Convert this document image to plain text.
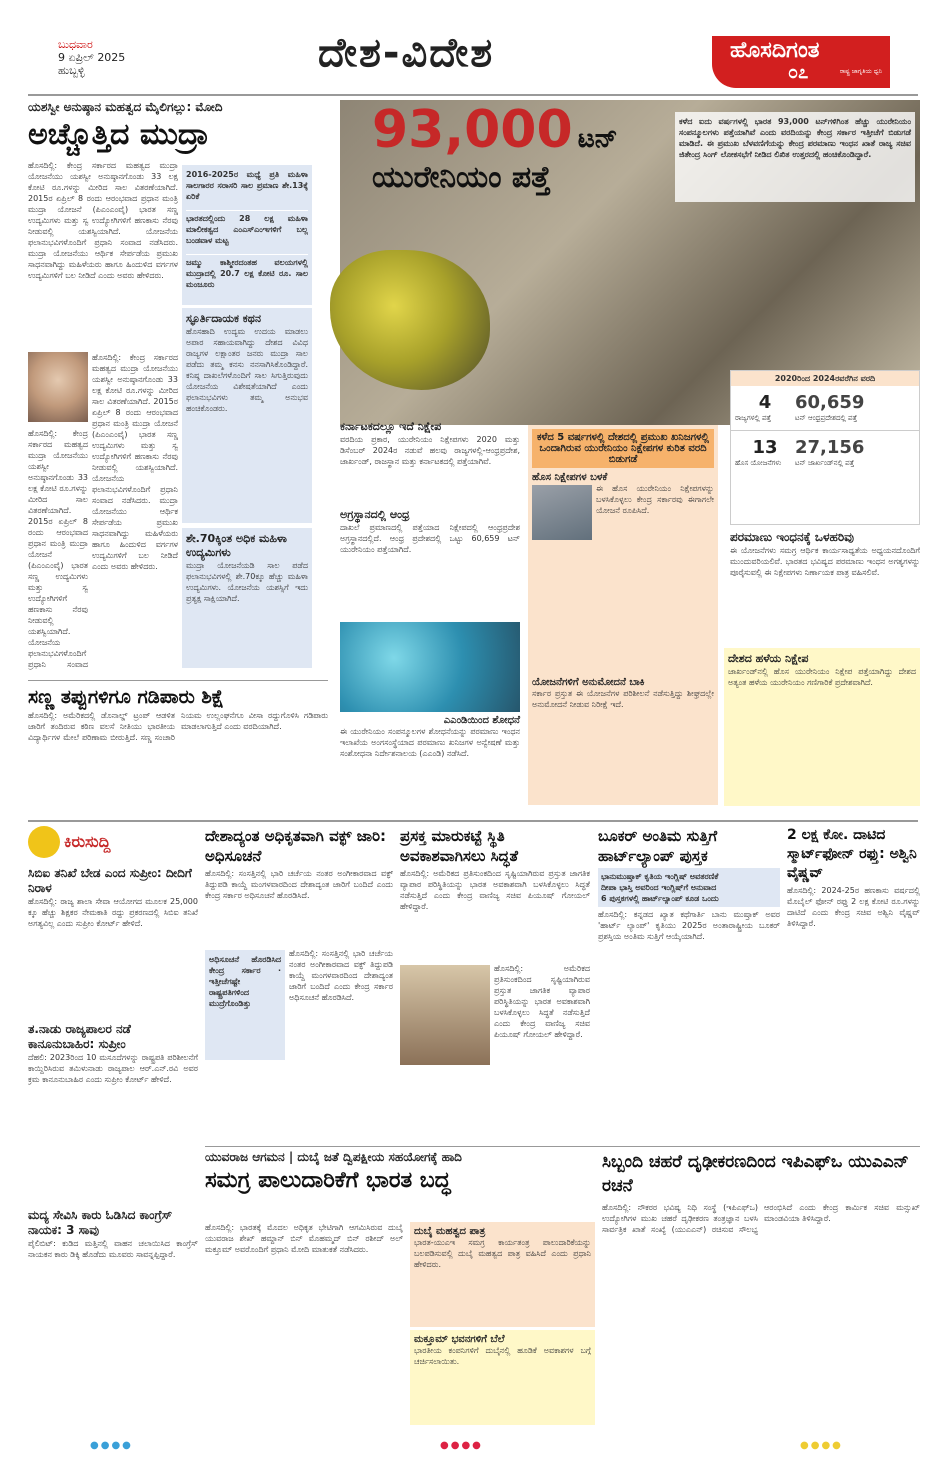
ಬುಧವಾರ
9 ಏಪ್ರಿಲ್ 2025
ಹುಬ್ಬಳ್ಳಿ	ದೇಶ-ವಿದೇಶ	ಹೊಸದಿಗಂತ
೦೭	ರಾಷ್ಟ್ರ ಜಾಗೃತಿಯ ಧ್ವನಿ
ಯಶಸ್ವೀ ಅನುಷ್ಠಾನ ಮಹತ್ವದ ಮೈಲಿಗಲ್ಲು: ಮೋದಿ
ಅಚ್ಚೊತ್ತಿದ ಮುದ್ರಾ
ಹೊಸದಿಲ್ಲಿ: ಕೇಂದ್ರ ಸರ್ಕಾರದ ಮಹತ್ವದ ಮುದ್ರಾ ಯೋಜನೆಯು ಯಶಸ್ವೀ ಅನುಷ್ಠಾನಗೊಂಡು 33 ಲಕ್ಷ ಕೋಟಿ ರೂ.ಗಳನ್ನು ಮೀರಿದ ಸಾಲ ವಿತರಣೆಯಾಗಿದೆ. 2015ರ ಏಪ್ರಿಲ್ 8 ರಂದು ಆರಂಭವಾದ ಪ್ರಧಾನ ಮಂತ್ರಿ ಮುದ್ರಾ ಯೋಜನೆ (ಪಿಎಂಎಂವೈ) ಭಾರತ ಸಣ್ಣ ಉದ್ಯಮಿಗಳು ಮತ್ತು ಸ್ವ ಉದ್ಯೋಗಿಗಳಿಗೆ ಹಣಕಾಸು ನೆರವು ನೀಡುವಲ್ಲಿ ಯಶಸ್ವಿಯಾಗಿದೆ. ಯೋಜನೆಯ ಫಲಾನುಭವಿಗಳೊಂದಿಗೆ ಪ್ರಧಾನಿ ಸಂವಾದ ನಡೆಸಿದರು. ಮುದ್ರಾ ಯೋಜನೆಯು ಆರ್ಥಿಕ ಸೇರ್ಪಡೆಯ ಪ್ರಮುಖ ಸಾಧನವಾಗಿದ್ದು ಮಹಿಳೆಯರು ಹಾಗೂ ಹಿಂದುಳಿದ ವರ್ಗಗಳ ಉದ್ಯಮಿಗಳಿಗೆ ಬಲ ನೀಡಿದೆ ಎಂದು ಅವರು ಹೇಳಿದರು.
ಹೊಸದಿಲ್ಲಿ: ಕೇಂದ್ರ ಸರ್ಕಾರದ ಮಹತ್ವದ ಮುದ್ರಾ ಯೋಜನೆಯು ಯಶಸ್ವೀ ಅನುಷ್ಠಾನಗೊಂಡು 33 ಲಕ್ಷ ಕೋಟಿ ರೂ.ಗಳನ್ನು ಮೀರಿದ ಸಾಲ ವಿತರಣೆಯಾಗಿದೆ. 2015ರ ಏಪ್ರಿಲ್ 8 ರಂದು ಆರಂಭವಾದ ಪ್ರಧಾನ ಮಂತ್ರಿ ಮುದ್ರಾ ಯೋಜನೆ (ಪಿಎಂಎಂವೈ) ಭಾರತ ಸಣ್ಣ ಉದ್ಯಮಿಗಳು ಮತ್ತು ಸ್ವ ಉದ್ಯೋಗಿಗಳಿಗೆ ಹಣಕಾಸು ನೆರವು ನೀಡುವಲ್ಲಿ ಯಶಸ್ವಿಯಾಗಿದೆ. ಯೋಜನೆಯ ಫಲಾನುಭವಿಗಳೊಂದಿಗೆ ಪ್ರಧಾನಿ ಸಂವಾದ ನಡೆಸಿದರು. ಮುದ್ರಾ ಯೋಜನೆಯು ಆರ್ಥಿಕ ಸೇರ್ಪಡೆಯ ಪ್ರಮುಖ ಸಾಧನವಾಗಿದ್ದು ಮಹಿಳೆಯರು ಹಾಗೂ ಹಿಂದುಳಿದ ವರ್ಗಗಳ ಉದ್ಯಮಿಗಳಿಗೆ ಬಲ ನೀಡಿದೆ ಎಂದು ಅವರು ಹೇಳಿದರು.
ಹೊಸದಿಲ್ಲಿ: ಕೇಂದ್ರ ಸರ್ಕಾರದ ಮಹತ್ವದ ಮುದ್ರಾ ಯೋಜನೆಯು ಯಶಸ್ವೀ ಅನುಷ್ಠಾನಗೊಂಡು 33 ಲಕ್ಷ ಕೋಟಿ ರೂ.ಗಳನ್ನು ಮೀರಿದ ಸಾಲ ವಿತರಣೆಯಾಗಿದೆ. 2015ರ ಏಪ್ರಿಲ್ 8 ರಂದು ಆರಂಭವಾದ ಪ್ರಧಾನ ಮಂತ್ರಿ ಮುದ್ರಾ ಯೋಜನೆ (ಪಿಎಂಎಂವೈ) ಭಾರತ ಸಣ್ಣ ಉದ್ಯಮಿಗಳು ಮತ್ತು ಸ್ವ ಉದ್ಯೋಗಿಗಳಿಗೆ ಹಣಕಾಸು ನೆರವು ನೀಡುವಲ್ಲಿ ಯಶಸ್ವಿಯಾಗಿದೆ. ಯೋಜನೆಯ ಫಲಾನುಭವಿಗಳೊಂದಿಗೆ ಪ್ರಧಾನಿ ಸಂವಾದ
2016-2025ರ ಮಧ್ಯೆ ಪ್ರತಿ ಮಹಿಳಾ ಸಾಲಗಾರರ ಸರಾಸರಿ ಸಾಲ ಪ್ರಮಾಣ ಶೇ.13ಕ್ಕೆ ಏರಿಕೆ
ಭಾರತದಲ್ಲಿಂದು 28 ಲಕ್ಷ ಮಹಿಳಾ ಮಾಲೀಕತ್ವದ ಎಂಎಸ್ಎಂಇಗಳಿಗೆ ಬಲ್ಲ ಬಂಡವಾಳ ಮಟ್ಟ
ಜಮ್ಮು ಕಾಶ್ಮೀರದಂತಹ ವಲಯಗಳಲ್ಲಿ ಮುದ್ರಾದಲ್ಲಿ 20.7 ಲಕ್ಷ ಕೋಟಿ ರೂ. ಸಾಲ ಮಂಜೂರು
ಸ್ಫೂರ್ತಿದಾಯಕ ಕಥನ
ಹೊಸಹಾದಿ ಉದ್ಯಮ ಉದಯ ಮಾಡಲು ಅಪಾರ ಸಹಾಯವಾಗಿದ್ದು ದೇಶದ ವಿವಿಧ ರಾಜ್ಯಗಳ ಲಕ್ಷಾಂತರ ಜನರು ಮುದ್ರಾ ಸಾಲ ಪಡೆದು ತಮ್ಮ ಕನಸು ನನಸಾಗಿಸಿಕೊಂಡಿದ್ದಾರೆ. ಕನಿಷ್ಠ ದಾಖಲೆಗಳೊಂದಿಗೆ ಸಾಲ ಸಿಗುತ್ತಿರುವುದು ಯೋಜನೆಯ ವಿಶೇಷತೆಯಾಗಿದೆ ಎಂದು ಫಲಾನುಭವಿಗಳು ತಮ್ಮ ಅನುಭವ ಹಂಚಿಕೊಂಡರು.
ಶೇ.70ಕ್ಕಿಂತ ಅಧಿಕ ಮಹಿಳಾ ಉದ್ಯಮಿಗಳು
ಮುದ್ರಾ ಯೋಜನೆಯಡಿ ಸಾಲ ಪಡೆದ ಫಲಾನುಭವಿಗಳಲ್ಲಿ ಶೇ.70ಕ್ಕೂ ಹೆಚ್ಚು ಮಹಿಳಾ ಉದ್ಯಮಿಗಳು. ಯೋಜನೆಯ ಯಶಸ್ಸಿಗೆ ಇದು ಪ್ರತ್ಯಕ್ಷ ಸಾಕ್ಷಿಯಾಗಿದೆ.
93,000 ಟನ್
ಯುರೇನಿಯಂ ಪತ್ತೆ
ಕಳೆದ ಐದು ವರ್ಷಗಳಲ್ಲಿ ಭಾರತ 93,000 ಟನ್‌ಗಳಿಗಿಂತ ಹೆಚ್ಚು ಯುರೇನಿಯಂ ಸಂಪನ್ಮೂಲಗಳು ಪತ್ತೆಯಾಗಿವೆ ಎಂದು ವರದಿಯನ್ನು ಕೇಂದ್ರ ಸರ್ಕಾರ ಇತ್ತೀಚೆಗೆ ಬಿಡುಗಡೆ ಮಾಡಿದೆ. ಈ ಪ್ರಮುಖ ಬೆಳವಣಿಗೆಯನ್ನು ಕೇಂದ್ರ ಪರಮಾಣು ಇಂಧನ ಖಾತೆ ರಾಜ್ಯ ಸಚಿವ ಜಿತೇಂದ್ರ ಸಿಂಗ್ ಲೋಕಸಭೆಗೆ ನೀಡಿದ ಲಿಖಿತ ಉತ್ತರದಲ್ಲಿ ಹಂಚಿಕೊಂಡಿದ್ದಾರೆ.
ಕರ್ನಾಟಕದಲ್ಲೂ ಇದೆ ನಿಕ್ಷೇಪ
ವರದಿಯ ಪ್ರಕಾರ, ಯುರೇನಿಯಂ ನಿಕ್ಷೇಪಗಳು 2020 ಮತ್ತು ಡಿಸೆಂಬರ್ 2024ರ ನಡುವೆ ಹಲವು ರಾಜ್ಯಗಳಲ್ಲಿ-ಆಂಧ್ರಪ್ರದೇಶ, ಜಾರ್ಖಂಡ್, ರಾಜಸ್ಥಾನ ಮತ್ತು ಕರ್ನಾಟಕದಲ್ಲಿ ಪತ್ತೆಯಾಗಿವೆ.
ಅಗ್ರಸ್ಥಾನದಲ್ಲಿ ಆಂಧ್ರ
ದಾಖಲೆ ಪ್ರಮಾಣದಲ್ಲಿ ಪತ್ತೆಯಾದ ನಿಕ್ಷೇಪದಲ್ಲಿ ಆಂಧ್ರಪ್ರದೇಶ ಅಗ್ರಸ್ಥಾನದಲ್ಲಿದೆ. ಆಂಧ್ರ ಪ್ರದೇಶದಲ್ಲಿ ಒಟ್ಟು 60,659 ಟನ್ ಯುರೇನಿಯಂ ಪತ್ತೆಯಾಗಿದೆ.
ಎಎಂಡಿಯಿಂದ ಶೋಧನೆ
ಈ ಯುರೇನಿಯಂ ಸಂಪನ್ಮೂಲಗಳ ಶೋಧನೆಯನ್ನು ಪರಮಾಣು ಇಂಧನ ಇಲಾಖೆಯ ಅಂಗಸಂಸ್ಥೆಯಾದ ಪರಮಾಣು ಖನಿಜಗಳ ಅನ್ವೇಷಣೆ ಮತ್ತು ಸಂಶೋಧನಾ ನಿರ್ದೇಶನಾಲಯ (ಎಎಂಡಿ) ನಡೆಸಿದೆ.
ಕಳೆದ 5 ವರ್ಷಗಳಲ್ಲಿ ದೇಶದಲ್ಲಿ ಪ್ರಮುಖ ಖನಿಜಗಳಲ್ಲಿ ಒಂದಾಗಿರುವ ಯುರೇನಿಯಂ ನಿಕ್ಷೇಪಗಳ ಕುರಿತ ವರದಿ ಬಿಡುಗಡೆ
ಹೊಸ ನಿಕ್ಷೇಪಗಳ ಬಳಕೆ
ಈ ಹೊಸ ಯುರೇನಿಯಂ ನಿಕ್ಷೇಪಗಳನ್ನು ಬಳಸಿಕೊಳ್ಳಲು ಕೇಂದ್ರ ಸರ್ಕಾರವು ಈಗಾಗಲೇ ಯೋಜನೆ ರೂಪಿಸಿದೆ.
ಯೋಜನೆಗಳಿಗೆ ಅನುಮೋದನೆ ಬಾಕಿ
ಸರ್ಕಾರ ಪ್ರಸ್ತುತ ಈ ಯೋಜನೆಗಳ ಪರಿಶೀಲನೆ ನಡೆಸುತ್ತಿದ್ದು ಶೀಘ್ರದಲ್ಲೇ ಅನುಮೋದನೆ ನೀಡುವ ನಿರೀಕ್ಷೆ ಇದೆ.
2020ರಿಂದ 2024ರವರೆಗಿನ ವರದಿ
4
ರಾಜ್ಯಗಳಲ್ಲಿ ಪತ್ತೆ
60,659
ಟನ್ ಆಂಧ್ರಪ್ರದೇಶದಲ್ಲಿ ಪತ್ತೆ
13
ಹೊಸ ಯೋಜನೆಗಳು
27,156
ಟನ್ ಜಾರ್ಖಂಡ್‌ನಲ್ಲಿ ಪತ್ತೆ
ಪರಮಾಣು ಇಂಧನಕ್ಕೆ ಒಳಹರಿವು
ಈ ಯೋಜನೆಗಳು ಸಮಗ್ರ ಆರ್ಥಿಕ ಕಾರ್ಯಸಾಧ್ಯತೆಯ ಅಧ್ಯಯನದೊಂದಿಗೆ ಮುಂದುವರಿಯಲಿವೆ. ಭಾರತದ ಭವಿಷ್ಯದ ಪರಮಾಣು ಇಂಧನ ಅಗತ್ಯಗಳನ್ನು ಪೂರೈಸುವಲ್ಲಿ ಈ ನಿಕ್ಷೇಪಗಳು ನಿರ್ಣಾಯಕ ಪಾತ್ರ ವಹಿಸಲಿವೆ.
ದೇಶದ ಹಳೆಯ ನಿಕ್ಷೇಪ
ಜಾರ್ಖಂಡ್‌ನಲ್ಲಿ ಹೊಸ ಯುರೇನಿಯಂ ನಿಕ್ಷೇಪ ಪತ್ತೆಯಾಗಿದ್ದು ದೇಶದ ಅತ್ಯಂತ ಹಳೆಯ ಯುರೇನಿಯಂ ಗಣಿಗಾರಿಕೆ ಪ್ರದೇಶವಾಗಿದೆ.
ಸಣ್ಣ ತಪ್ಪುಗಳಿಗೂ ಗಡಿಪಾರು ಶಿಕ್ಷೆ
ಹೊಸದಿಲ್ಲಿ: ಅಮೆರಿಕದಲ್ಲಿ ಡೊನಾಲ್ಡ್ ಟ್ರಂಪ್ ಆಡಳಿತ ಜಾರಿಗೆ ತಂದಿರುವ ಕಠಿಣ ವಲಸೆ ನೀತಿಯು ಭಾರತೀಯ ವಿದ್ಯಾರ್ಥಿಗಳ ಮೇಲೆ ಪರಿಣಾಮ ಬೀರುತ್ತಿದೆ. ಸಣ್ಣ ಸಂಚಾರಿ ನಿಯಮ ಉಲ್ಲಂಘನೆಗೂ ವೀಸಾ ರದ್ದುಗೊಳಿಸಿ ಗಡಿಪಾರು ಮಾಡಲಾಗುತ್ತಿದೆ ಎಂದು ವರದಿಯಾಗಿದೆ.
ಕಿರುಸುದ್ದಿ
ಸಿಬಿಐ ತನಿಖೆ ಬೇಡ ಎಂದ ಸುಪ್ರೀಂ: ದೀದಿಗೆ ನಿರಾಳ
ಹೊಸದಿಲ್ಲಿ: ರಾಜ್ಯ ಶಾಲಾ ಸೇವಾ ಆಯೋಗದ ಮೂಲಕ 25,000 ಕ್ಕೂ ಹೆಚ್ಚು ಶಿಕ್ಷಕರ ನೇಮಕಾತಿ ರದ್ದು ಪ್ರಕರಣದಲ್ಲಿ ಸಿಬಿಐ ತನಿಖೆ ಅಗತ್ಯವಿಲ್ಲ ಎಂದು ಸುಪ್ರೀಂ ಕೋರ್ಟ್ ಹೇಳಿದೆ.
ತ.ನಾಡು ರಾಜ್ಯಪಾಲರ ನಡೆ ಕಾನೂನುಬಾಹಿರ: ಸುಪ್ರೀಂ
ದೆಹಲಿ: 2023ರಿಂದ 10 ಮಸೂದೆಗಳನ್ನು ರಾಷ್ಟ್ರಪತಿ ಪರಿಶೀಲನೆಗೆ ಕಾಯ್ದಿರಿಸಿರುವ ತಮಿಳುನಾಡು ರಾಜ್ಯಪಾಲ ಆರ್.ಎನ್.ರವಿ ಅವರ ಕ್ರಮ ಕಾನೂನುಬಾಹಿರ ಎಂದು ಸುಪ್ರೀಂ ಕೋರ್ಟ್ ಹೇಳಿದೆ.
ಮದ್ಯ ಸೇವಿಸಿ ಕಾರು ಓಡಿಸಿದ ಕಾಂಗ್ರೆಸ್ ನಾಯಕ: 3 ಸಾವು
ಪೈಲಿಬಿಟ್: ಕುಡಿದ ಮತ್ತಿನಲ್ಲಿ ವಾಹನ ಚಲಾಯಿಸಿದ ಕಾಂಗ್ರೆಸ್ ನಾಯಕನ ಕಾರು ಡಿಕ್ಕಿ ಹೊಡೆದು ಮೂವರು ಸಾವನ್ನಪ್ಪಿದ್ದಾರೆ.
ದೇಶಾದ್ಯಂತ ಅಧಿಕೃತವಾಗಿ ವಕ್ಫ್ ಜಾರಿ: ಅಧಿಸೂಚನೆ
ಹೊಸದಿಲ್ಲಿ: ಸಂಸತ್ತಿನಲ್ಲಿ ಭಾರಿ ಚರ್ಚೆಯ ನಂತರ ಅಂಗೀಕಾರವಾದ ವಕ್ಫ್ ತಿದ್ದುಪಡಿ ಕಾಯ್ದೆ ಮಂಗಳವಾರದಿಂದ ದೇಶಾದ್ಯಂತ ಜಾರಿಗೆ ಬಂದಿದೆ ಎಂದು ಕೇಂದ್ರ ಸರ್ಕಾರ ಅಧಿಸೂಚನೆ ಹೊರಡಿಸಿದೆ.
ಅಧಿಸೂಚನೆ ಹೊರಡಿಸಿದ ಕೇಂದ್ರ ಸರ್ಕಾರ · ಇತ್ತೀಚೆಗಷ್ಟೇ ರಾಷ್ಟ್ರಪತಿಗಳಿಂದ ಮುದ್ರೆಗೊಂಡಿತ್ತು
ಹೊಸದಿಲ್ಲಿ: ಸಂಸತ್ತಿನಲ್ಲಿ ಭಾರಿ ಚರ್ಚೆಯ ನಂತರ ಅಂಗೀಕಾರವಾದ ವಕ್ಫ್ ತಿದ್ದುಪಡಿ ಕಾಯ್ದೆ ಮಂಗಳವಾರದಿಂದ ದೇಶಾದ್ಯಂತ ಜಾರಿಗೆ ಬಂದಿದೆ ಎಂದು ಕೇಂದ್ರ ಸರ್ಕಾರ ಅಧಿಸೂಚನೆ ಹೊರಡಿಸಿದೆ.
ಪ್ರಸಕ್ತ ಮಾರುಕಟ್ಟೆ ಸ್ಥಿತಿ ಅವಕಾಶವಾಗಿಸಲು ಸಿದ್ಧತೆ
ಹೊಸದಿಲ್ಲಿ: ಅಮೆರಿಕದ ಪ್ರತಿಸುಂಕದಿಂದ ಸೃಷ್ಟಿಯಾಗಿರುವ ಪ್ರಸ್ತುತ ಜಾಗತಿಕ ವ್ಯಾಪಾರ ಪರಿಸ್ಥಿತಿಯನ್ನು ಭಾರತ ಅವಕಾಶವಾಗಿ ಬಳಸಿಕೊಳ್ಳಲು ಸಿದ್ಧತೆ ನಡೆಸುತ್ತಿದೆ ಎಂದು ಕೇಂದ್ರ ವಾಣಿಜ್ಯ ಸಚಿವ ಪಿಯೂಷ್ ಗೋಯಲ್ ಹೇಳಿದ್ದಾರೆ.
ಹೊಸದಿಲ್ಲಿ: ಅಮೆರಿಕದ ಪ್ರತಿಸುಂಕದಿಂದ ಸೃಷ್ಟಿಯಾಗಿರುವ ಪ್ರಸ್ತುತ ಜಾಗತಿಕ ವ್ಯಾಪಾರ ಪರಿಸ್ಥಿತಿಯನ್ನು ಭಾರತ ಅವಕಾಶವಾಗಿ ಬಳಸಿಕೊಳ್ಳಲು ಸಿದ್ಧತೆ ನಡೆಸುತ್ತಿದೆ ಎಂದು ಕೇಂದ್ರ ವಾಣಿಜ್ಯ ಸಚಿವ ಪಿಯೂಷ್ ಗೋಯಲ್ ಹೇಳಿದ್ದಾರೆ.
ಬೂಕರ್ ಅಂತಿಮ ಸುತ್ತಿಗೆ ಹಾರ್ಟ್‌ಲ್ಯಾಂಪ್ ಪುಸ್ತಕ
ಭಾನುಮುಷ್ತಾಕ್ ಕೃತಿಯ ಇಂಗ್ಲಿಷ್ ಅವತರಣಿಕೆ
ದೀಪಾ ಭಾಸ್ತಿ ಅವರಿಂದ ಇಂಗ್ಲಿಷ್‌ಗೆ ಅನುವಾದ
6 ಪುಸ್ತಕಗಳಲ್ಲಿ ಹಾರ್ಟ್‌ಲ್ಯಾಂಪ್ ಕೂಡ ಒಂದು
ಹೊಸದಿಲ್ಲಿ: ಕನ್ನಡದ ಖ್ಯಾತ ಕಥೆಗಾರ್ತಿ ಬಾನು ಮುಷ್ತಾಕ್ ಅವರ 'ಹಾರ್ಟ್ ಲ್ಯಾಂಪ್' ಕೃತಿಯು 2025ರ ಅಂತಾರಾಷ್ಟ್ರೀಯ ಬೂಕರ್ ಪ್ರಶಸ್ತಿಯ ಅಂತಿಮ ಸುತ್ತಿಗೆ ಆಯ್ಕೆಯಾಗಿದೆ.
2 ಲಕ್ಷ ಕೋ. ದಾಟಿದ ಸ್ಮಾರ್ಟ್‌ಫೋನ್ ರಫ್ತು: ಅಶ್ವಿನಿ ವೈಷ್ಣವ್
ಹೊಸದಿಲ್ಲಿ: 2024-25ರ ಹಣಕಾಸು ವರ್ಷದಲ್ಲಿ ಮೊಬೈಲ್ ಫೋನ್ ರಫ್ತು 2 ಲಕ್ಷ ಕೋಟಿ ರೂ.ಗಳನ್ನು ದಾಟಿದೆ ಎಂದು ಕೇಂದ್ರ ಸಚಿವ ಅಶ್ವಿನಿ ವೈಷ್ಣವ್ ತಿಳಿಸಿದ್ದಾರೆ.
ಯುವರಾಜ ಆಗಮನ | ದುಬೈ ಜತೆ ದ್ವಿಪಕ್ಷೀಯ ಸಹಯೋಗಕ್ಕೆ ಹಾದಿ
ಸಮಗ್ರ ಪಾಲುದಾರಿಕೆಗೆ ಭಾರತ ಬದ್ಧ
ಹೊಸದಿಲ್ಲಿ: ಭಾರತಕ್ಕೆ ಮೊದಲ ಅಧಿಕೃತ ಭೇಟಿಗಾಗಿ ಆಗಮಿಸಿರುವ ದುಬೈ ಯುವರಾಜ ಶೇಖ್ ಹಮ್ದಾನ್ ಬಿನ್ ಮೊಹಮ್ಮದ್ ಬಿನ್ ರಶೀದ್ ಅಲ್ ಮಕ್ತೂಮ್ ಅವರೊಂದಿಗೆ ಪ್ರಧಾನಿ ಮೋದಿ ಮಾತುಕತೆ ನಡೆಸಿದರು.
ದುಬೈ ಮಹತ್ವದ ಪಾತ್ರ
ಭಾರತ-ಯುಎಇ ಸಮಗ್ರ ಕಾರ್ಯತಂತ್ರ ಪಾಲುದಾರಿಕೆಯನ್ನು ಬಲಪಡಿಸುವಲ್ಲಿ ದುಬೈ ಮಹತ್ವದ ಪಾತ್ರ ವಹಿಸಿದೆ ಎಂದು ಪ್ರಧಾನಿ ಹೇಳಿದರು.
ಮಕ್ತೂಮ್ ಭವನಗಳಿಗೆ ಬೆಲೆ
ಭಾರತೀಯ ಕಂಪನಿಗಳಿಗೆ ದುಬೈನಲ್ಲಿ ಹೂಡಿಕೆ ಅವಕಾಶಗಳ ಬಗ್ಗೆ ಚರ್ಚಿಸಲಾಯಿತು.
ಸಿಬ್ಬಂದಿ ಚಹರೆ ದೃಢೀಕರಣದಿಂದ ಇಪಿಎಫ್‌ಒ ಯುಎಎನ್ ರಚನೆ
ಹೊಸದಿಲ್ಲಿ: ನೌಕರರ ಭವಿಷ್ಯ ನಿಧಿ ಸಂಸ್ಥೆ (ಇಪಿಎಫ್‌ಒ) ಉದ್ಯೋಗಿಗಳ ಮುಖ ಚಹರೆ ದೃಢೀಕರಣ ತಂತ್ರಜ್ಞಾನ ಬಳಸಿ ಸಾರ್ವತ್ರಿಕ ಖಾತೆ ಸಂಖ್ಯೆ (ಯುಎಎನ್) ರಚಿಸುವ ಸೌಲಭ್ಯ ಆರಂಭಿಸಿದೆ ಎಂದು ಕೇಂದ್ರ ಕಾರ್ಮಿಕ ಸಚಿವ ಮನ್ಸುಖ್ ಮಾಂಡವಿಯಾ ತಿಳಿಸಿದ್ದಾರೆ.
●●●●	●●●●	●●●●
